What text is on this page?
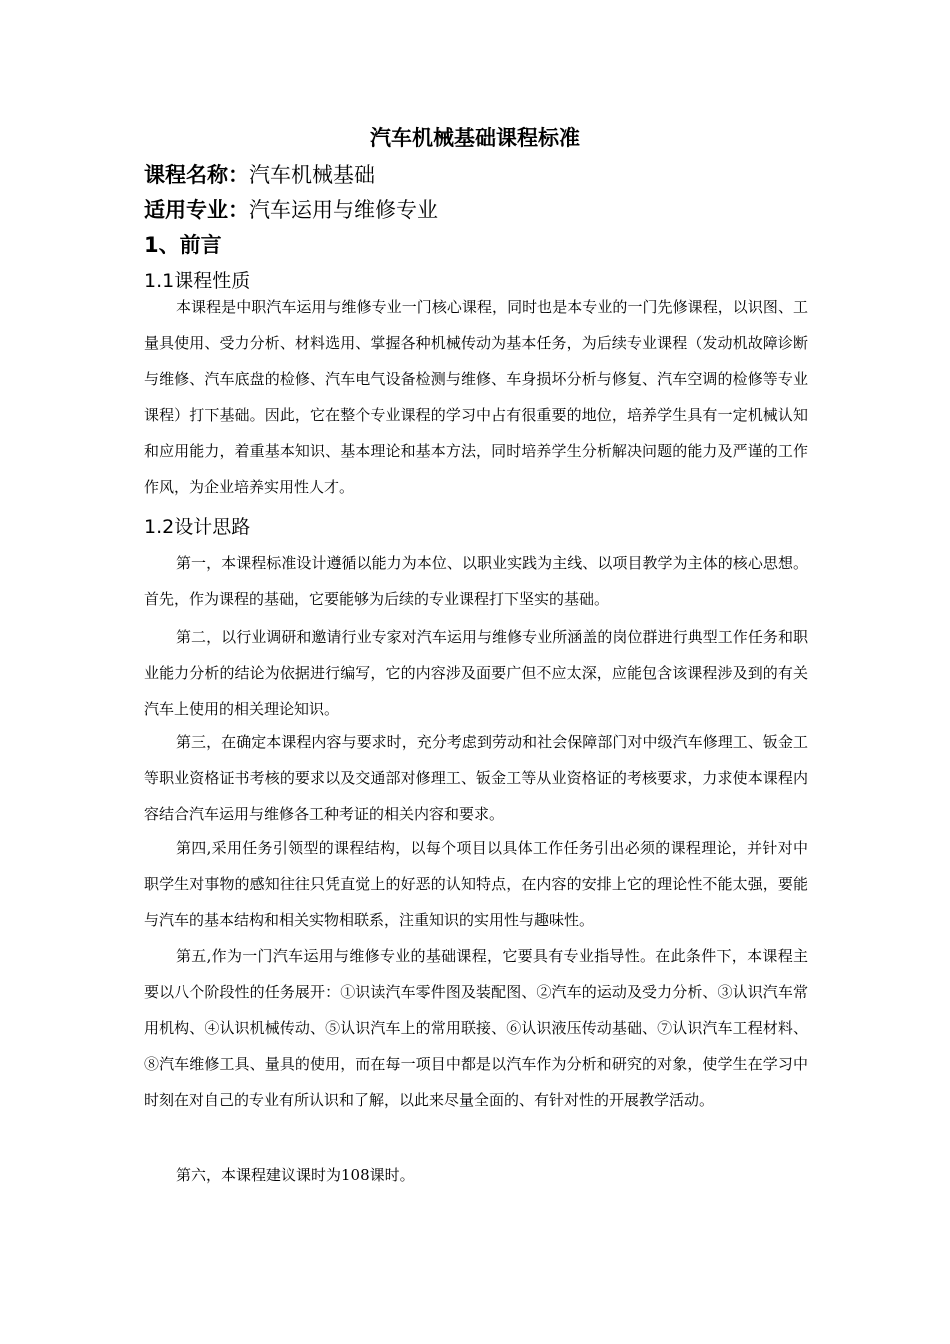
汽车机械基础课程标准
课程名称：汽车机械基础
适用专业：汽车运用与维修专业
1、前言
1.1课程性质

本课程是中职汽车运用与维修专业一门核心课程，同时也是本专业的一门先修课程，以识图、工量具使用、受力分析、材料选用、掌握各种机械传动为基本任务，为后续专业课程（发动机故障诊断与维修、汽车底盘的检修、汽车电气设备检测与维修、车身损坏分析与修复、汽车空调的检修等专业课程）打下基础。因此，它在整个专业课程的学习中占有很重要的地位，培养学生具有一定机械认知和应用能力，着重基本知识、基本理论和基本方法，同时培养学生分析解决问题的能力及严谨的工作作风，为企业培养实用性人才。

1.2设计思路

第一，本课程标准设计遵循以能力为本位、以职业实践为主线、以项目教学为主体的核心思想。首先，作为课程的基础，它要能够为后续的专业课程打下坚实的基础。

第二，以行业调研和邀请行业专家对汽车运用与维修专业所涵盖的岗位群进行典型工作任务和职业能力分析的结论为依据进行编写，它的内容涉及面要广但不应太深，应能包含该课程涉及到的有关汽车上使用的相关理论知识。

第三，在确定本课程内容与要求时，充分考虑到劳动和社会保障部门对中级汽车修理工、钣金工等职业资格证书考核的要求以及交通部对修理工、钣金工等从业资格证的考核要求，力求使本课程内容结合汽车运用与维修各工种考证的相关内容和要求。

第四,采用任务引领型的课程结构，以每个项目以具体工作任务引出必须的课程理论，并针对中职学生对事物的感知往往只凭直觉上的好恶的认知特点，在内容的安排上它的理论性不能太强，要能与汽车的基本结构和相关实物相联系，注重知识的实用性与趣味性。

第五,作为一门汽车运用与维修专业的基础课程，它要具有专业指导性。在此条件下，本课程主要以八个阶段性的任务展开：①识读汽车零件图及装配图、②汽车的运动及受力分析、③认识汽车常用机构、④认识机械传动、⑤认识汽车上的常用联接、⑥认识液压传动基础、⑦认识汽车工程材料、⑧汽车维修工具、量具的使用，而在每一项目中都是以汽车作为分析和研究的对象，使学生在学习中时刻在对自己的专业有所认识和了解，以此来尽量全面的、有针对性的开展教学活动。

第六，本课程建议课时为108课时。
